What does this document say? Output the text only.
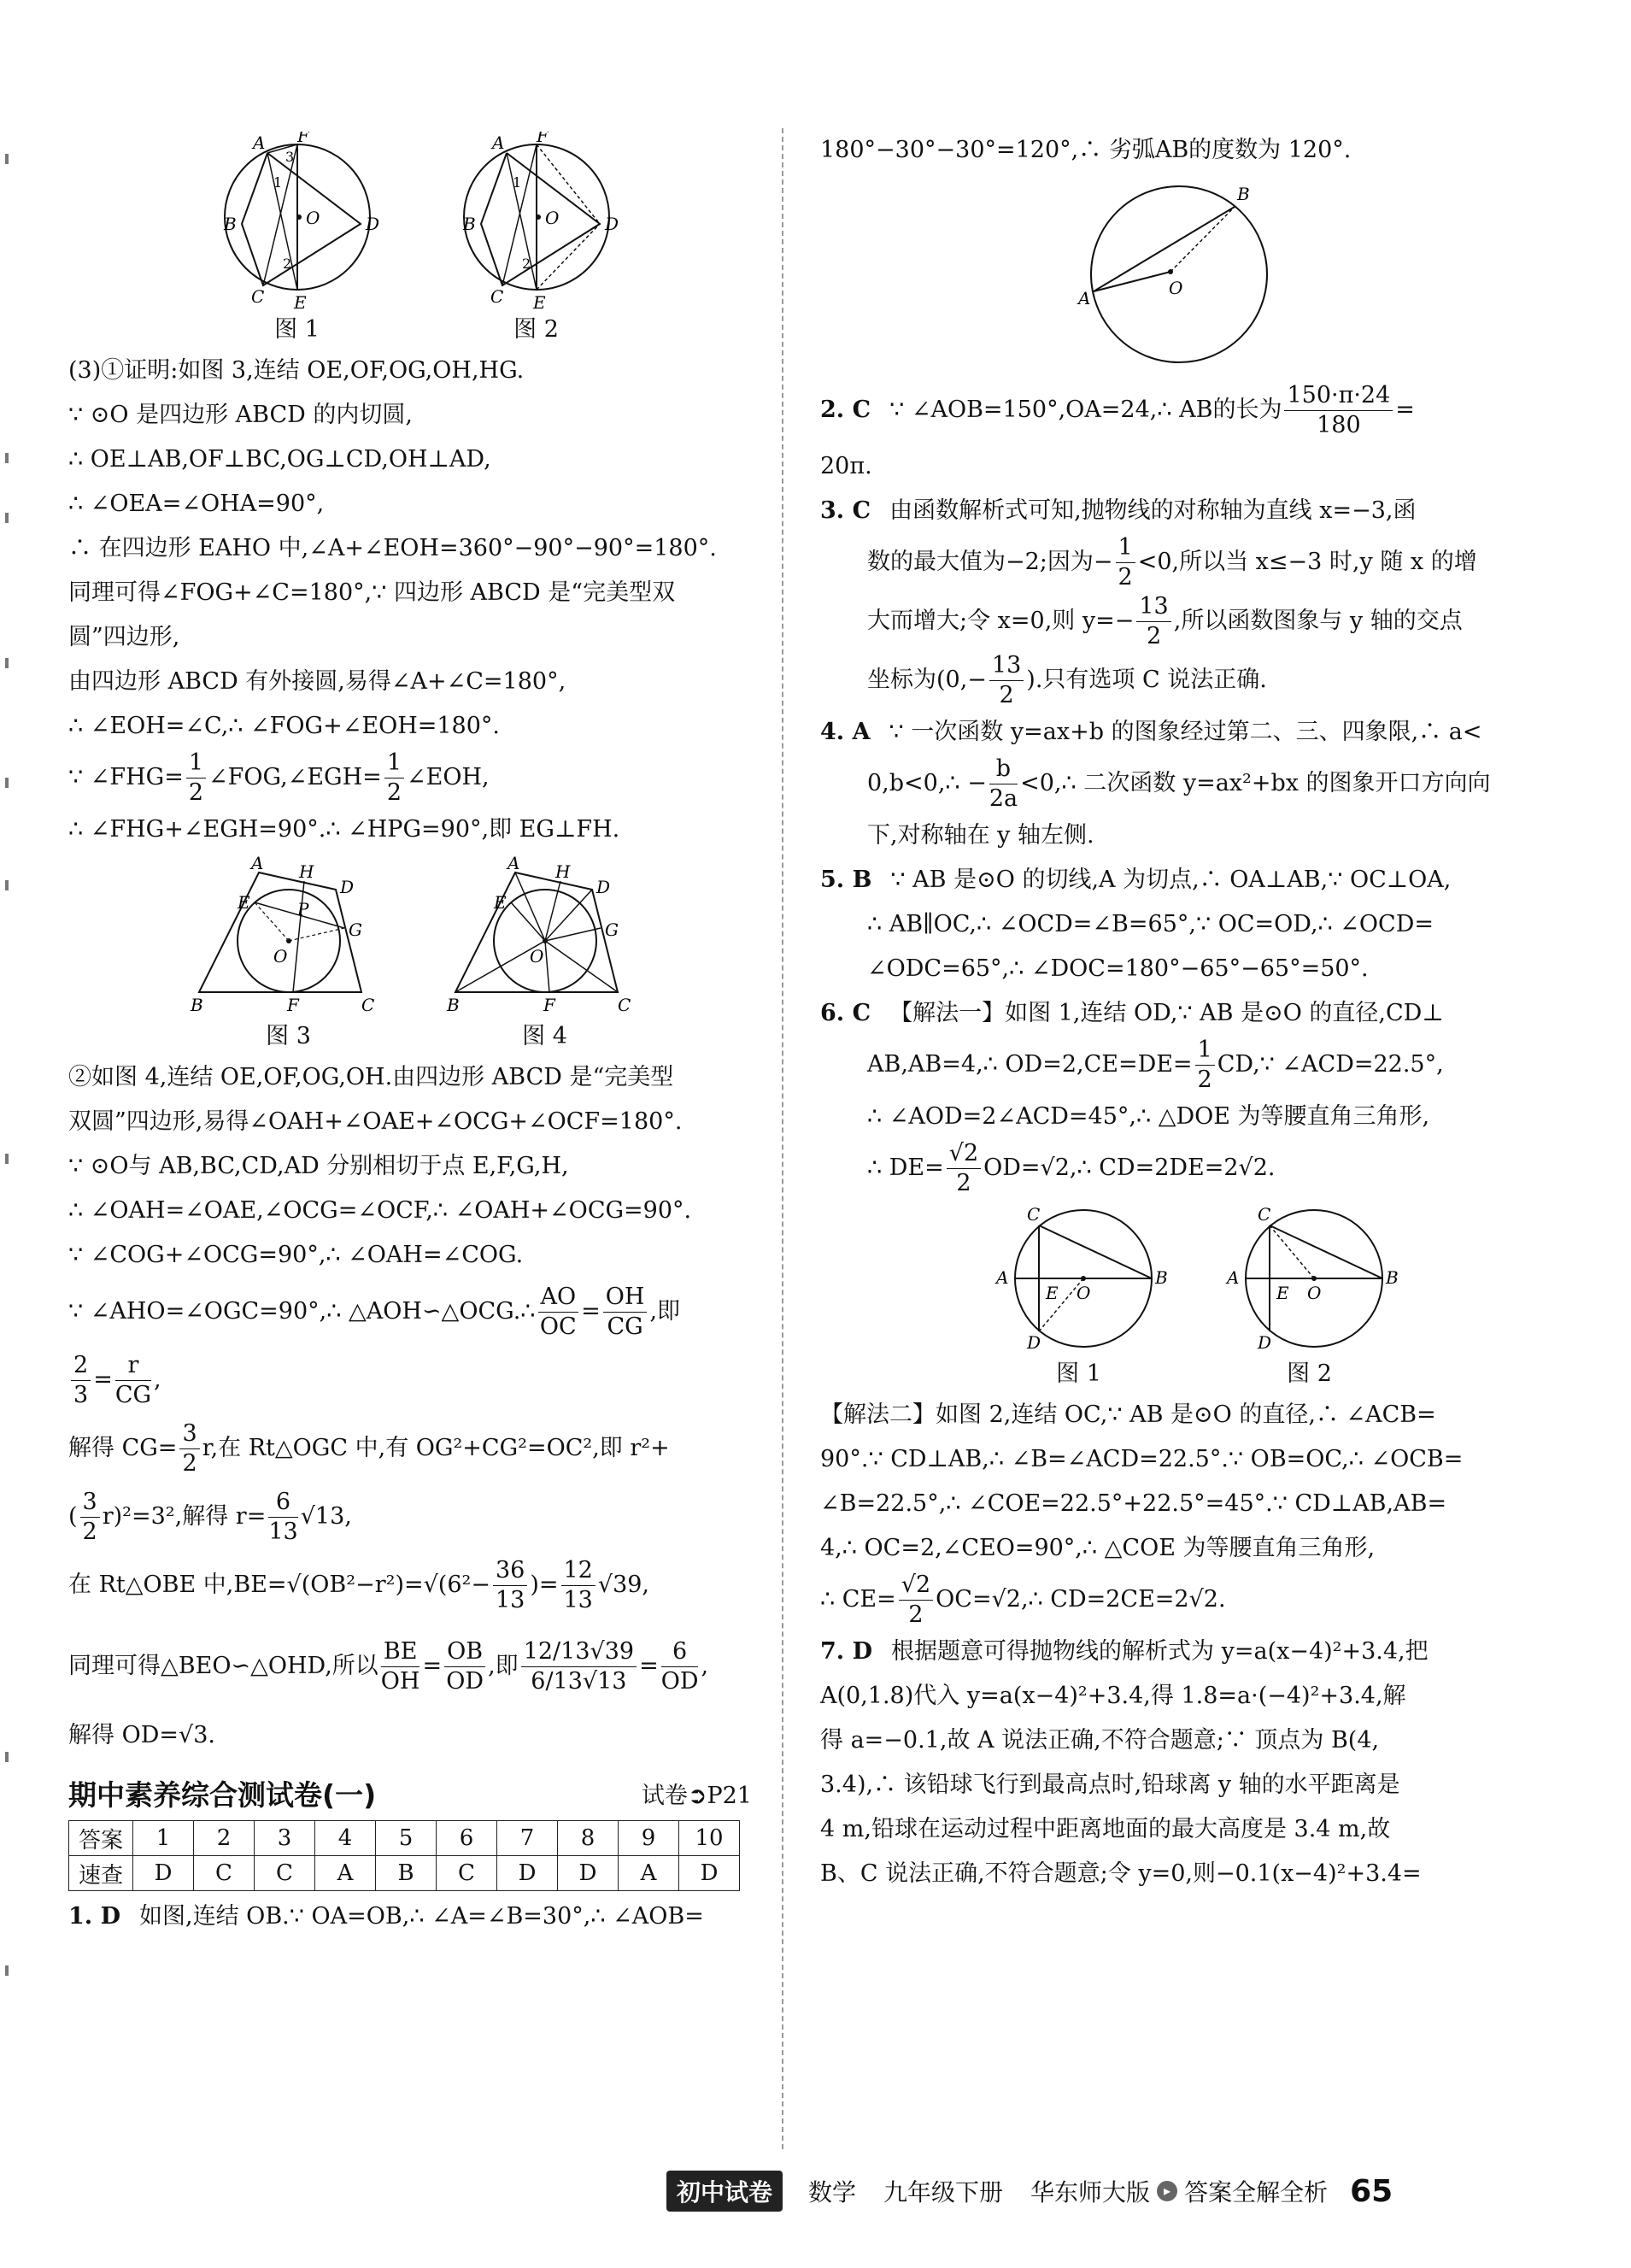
A F
B	D
O
C E
3
1
2
图 1
A F
B	D
O
C E
1
2
图 2
(3)①证明:如图 3,连结 OE,OF,OG,OH,HG.
∵ ⊙O 是四边形 ABCD 的内切圆,
∴ OE⊥AB,OF⊥BC,OG⊥CD,OH⊥AD,
∴ ∠OEA=∠OHA=90°,
∴ 在四边形 EAHO 中,∠A+∠EOH=360°−90°−90°=180°.
同理可得∠FOG+∠C=180°,∵ 四边形 ABCD 是“完美型双
圆”四边形,
由四边形 ABCD 有外接圆,易得∠A+∠C=180°,
∴ ∠EOH=∠C,∴ ∠FOG+∠EOH=180°.
∵ ∠FHG= $\frac{1}{2}$ ∠FOG,∠EGH= $\frac{1}{2}$ ∠EOH,
∴ ∠FHG+∠EGH=90°.∴ ∠HPG=90°,即 EG⊥FH.
A H
D
E	P
G
O
B	F	C
图 3
A H
D
E
G
O
B	F	C
图 4
②如图 4,连结 OE,OF,OG,OH.由四边形 ABCD 是“完美型
双圆”四边形,易得∠OAH+∠OAE+∠OCG+∠OCF=180°.
∵ ⊙O与 AB,BC,CD,AD 分别相切于点 E,F,G,H,
∴ ∠OAH=∠OAE,∠OCG=∠OCF,∴ ∠OAH+∠OCG=90°.
∵ ∠COG+∠OCG=90°,∴ ∠OAH=∠COG.
∵ ∠AHO=∠OGC=90°,∴ △AOH∽△OCG.∴ $\frac{AO}{OC} = \frac{OH}{CG}$ ,即
$\frac{2}{3} = \frac{r}{CG}$ ,
解得 $CG= \frac{3}{2} r$,在 Rt△OGC 中,有 OG²+CG²=OC²,即 r²+
( $\frac{3}{2} r)^2=3^2$,解得 $r= \frac{6}{13} √13$,
在 Rt△OBE 中$,BE=√(OB^2-r^2)=√(6^2- \frac{36}{13}$ )= $\frac{12}{13} √39$,
同理可得△BEO∽△OHD,所以 $\frac{BE}{OH} = \frac{OB}{OD}$ ,即 $\frac{12/13√39}{6/13√13} = \frac{6}{OD}$ ,
解得 OD=√3.
期中素养综合测试卷(一)	试卷➲P21
答案	1	2	3	4	5	6	7	8	9	10
速查	D	C	C	A	B	C	D	D	A	D
1. D 如图,连结 OB.∵ OA=OB,∴ ∠A=∠B=30°,∴ ∠AOB=
180°−30°−30°=120°,∴ 劣弧AB的度数为 120°.
B
A	O
2. C ∵ ∠AOB=150°,OA=24,∴ AB的长为 $\frac{150\cdot\pi\cdot 24}{180}$ =
20π.
3. C 由函数解析式可知,抛物线的对称轴为直线 x=−3,函
数的最大值为−2;因为− $\frac{1}{2} <0$,所以当 x≤−3 时,y 随 x 的增
大而增大;令 x=0,则 $y=- \frac{13}{2}$ ,所以函数图象与 y 轴的交点
坐标为($0,- \frac{13}{2}$ ).只有选项 C 说法正确.
4. A ∵ 一次函数 y=ax+b 的图象经过第二、三、四象限,∴ a<
0,b<0,∴ − $\frac{b}{2a}$ <0,∴ 二次函数 y=ax²+bx 的图象开口方向向
下,对称轴在 y 轴左侧.
5. B ∵ AB 是⊙O 的切线,A 为切点,∴ OA⊥AB,∵ OC⊥OA,
∴ AB∥OC,∴ ∠OCD=∠B=65°,∵ OC=OD,∴ ∠OCD=
∠ODC=65°,∴ ∠DOC=180°−65°−65°=50°.
6. C 【解法一】如图 1,连结 OD,∵ AB 是⊙O 的直径,CD⊥
AB,AB=4,∴ $OD=2,CE=DE= \frac{1}{2}$ CD,∵ ∠ACD=22.5°,
∴ ∠AOD=2∠ACD=45°,∴ △DOE 为等腰直角三角形,
∴ $DE= \frac{√2}{2}$ OD=√2,∴ CD=2DE=2√2.
C
A	B
E O
D
图 1
C
A	B
E O
D
图 2
【解法二】如图 2,连结 OC,∵ AB 是⊙O 的直径,∴ ∠ACB=
90°.∵ CD⊥AB,∴ ∠B=∠ACD=22.5°.∵ OB=OC,∴ ∠OCB=
∠B=22.5°,∴ ∠COE=22.5°+22.5°=45°.∵ CD⊥AB,AB=
4,∴ OC=2,∠CEO=90°,∴ △COE 为等腰直角三角形,
∴ $CE= \frac{√2}{2}$ OC=√2,∴ CD=2CE=2√2.
7. D 根据题意可得抛物线的解析式为 y=a(x−4)²+3.4,把
A(0,1.8)代入 y=a(x−4)²+3.4,得 1.8=a·(−4)²+3.4,解
得 a=−0.1,故 A 说法正确,不符合题意;∵ 顶点为 B(4,
3.4),∴ 该铅球飞行到最高点时,铅球离 y 轴的水平距离是
4 m,铅球在运动过程中距离地面的最大高度是 3.4 m,故
B、C 说法正确,不符合题意;令 y=0,则−0.1(x−4)²+3.4=
初中试卷	数学 九年级下册 华东师大版 ▸ 答案全解全析 65
